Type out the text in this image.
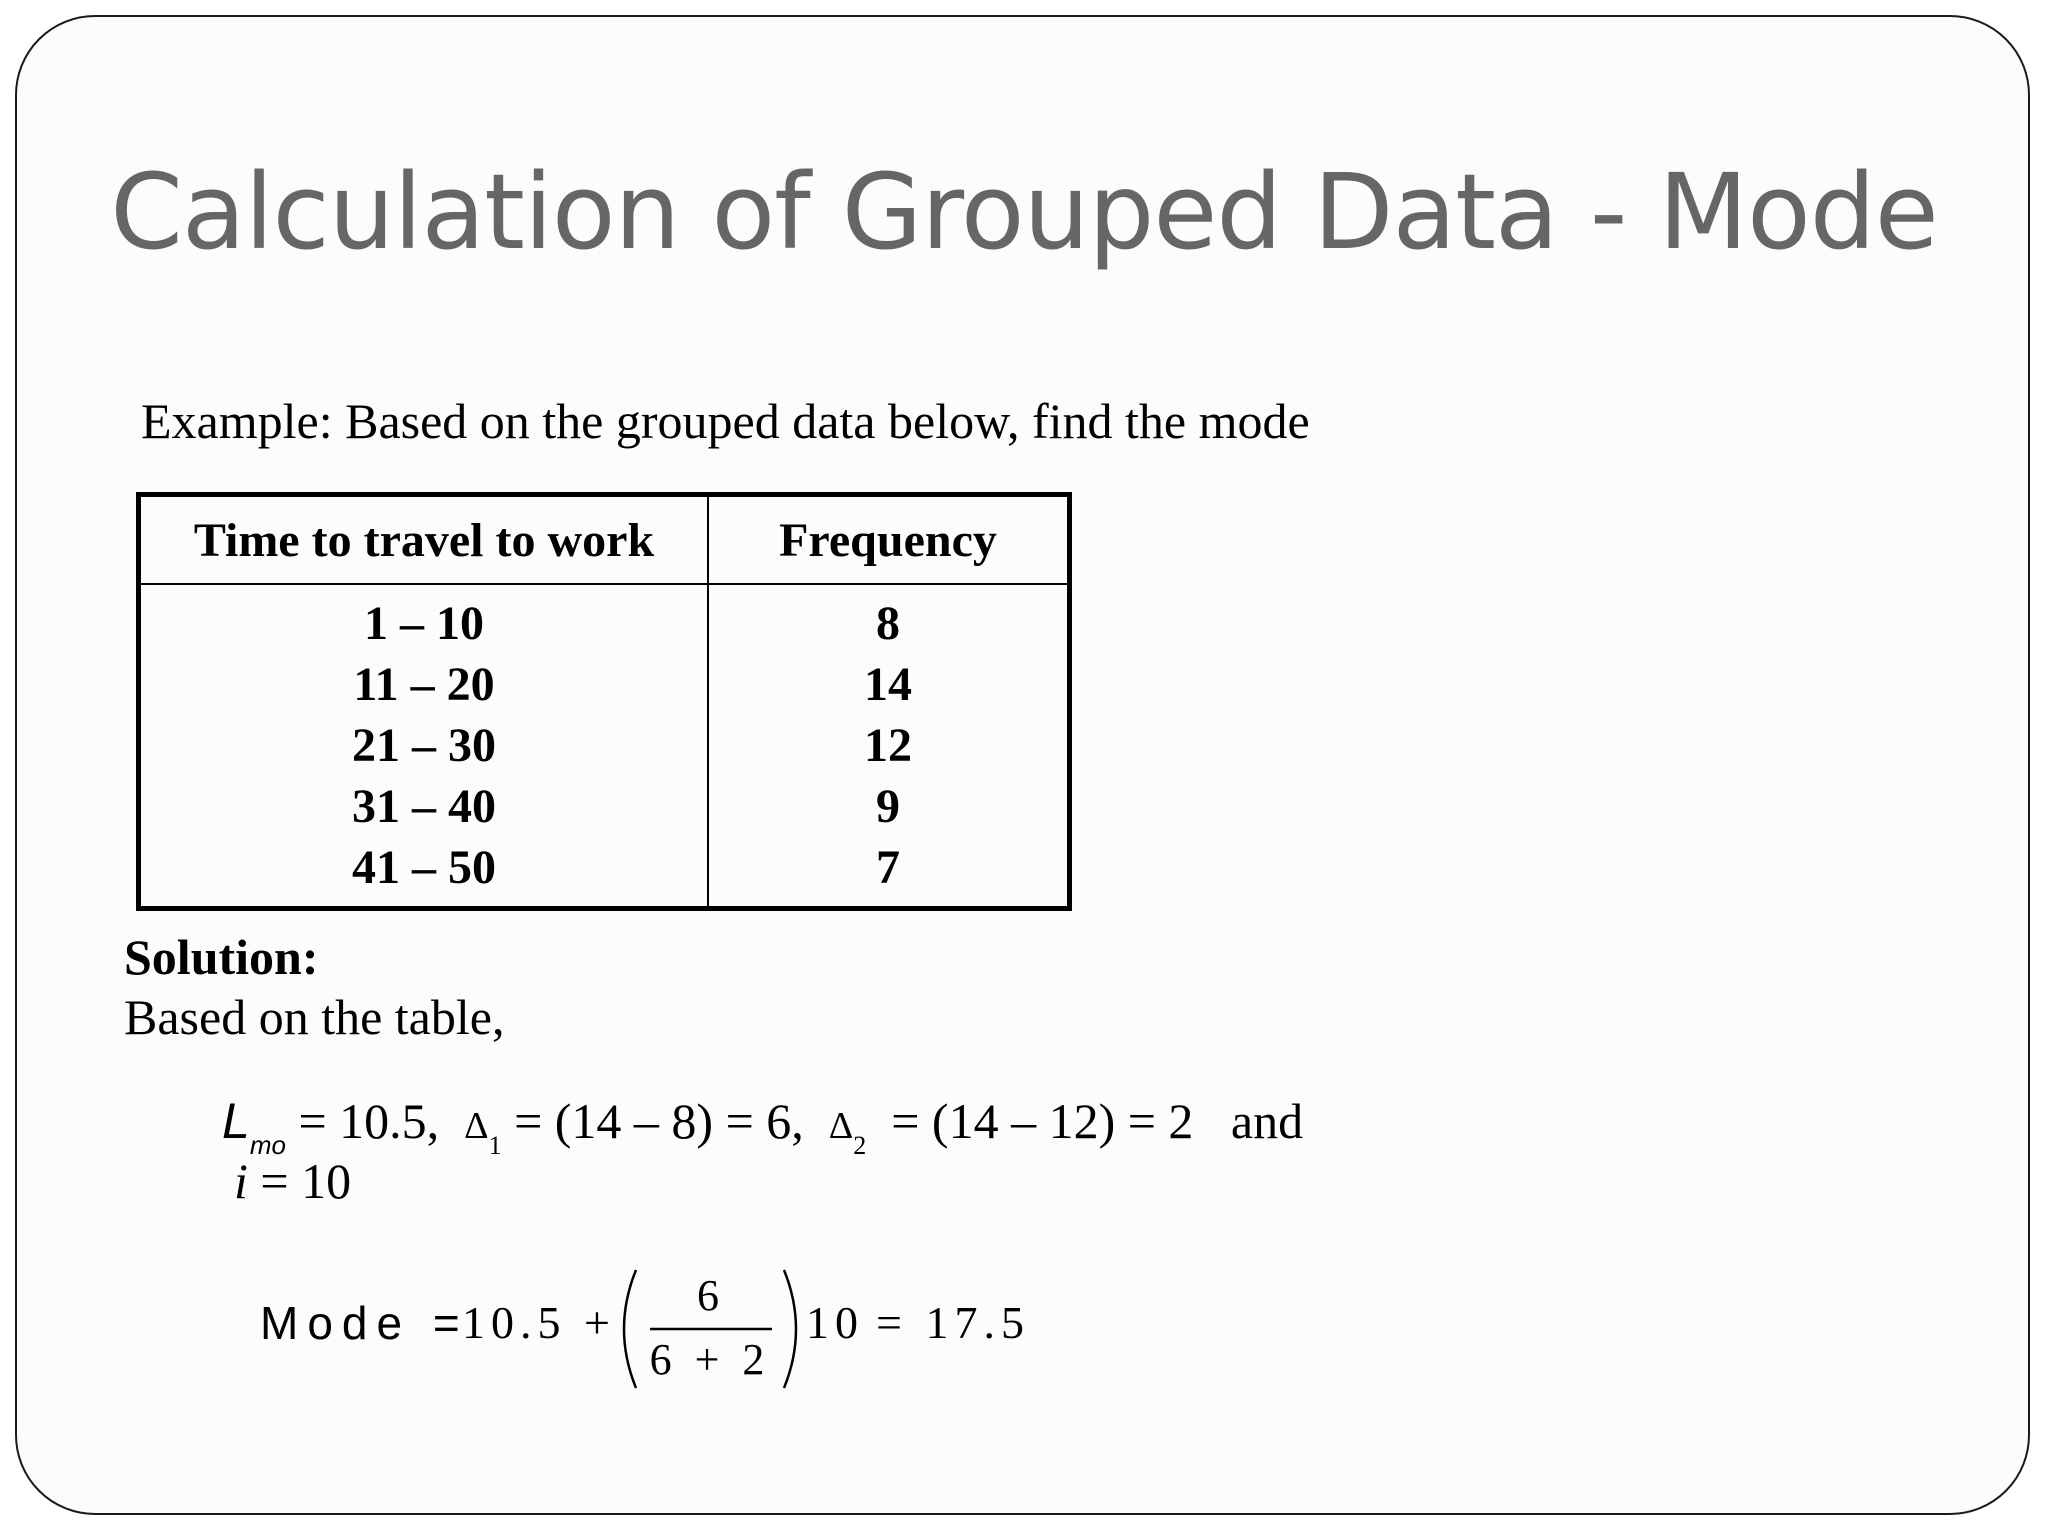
Calculation of Grouped Data - Mode
Example: Based on the grouped data below, find the mode
Time to travel to work	Frequency
1 – 10	8
11 – 20	14
21 – 30	12
31 – 40	9
41 – 50	7
Solution:
Based on the table,
$L_{mo} = 10.5$,  $\Delta_1 = (14 - 8) = 6$,  $\Delta_2 = (14 - 12) = 2$   and
i = 10
Mode =
10.5 +
6
6 + 2
10 = 17.5
